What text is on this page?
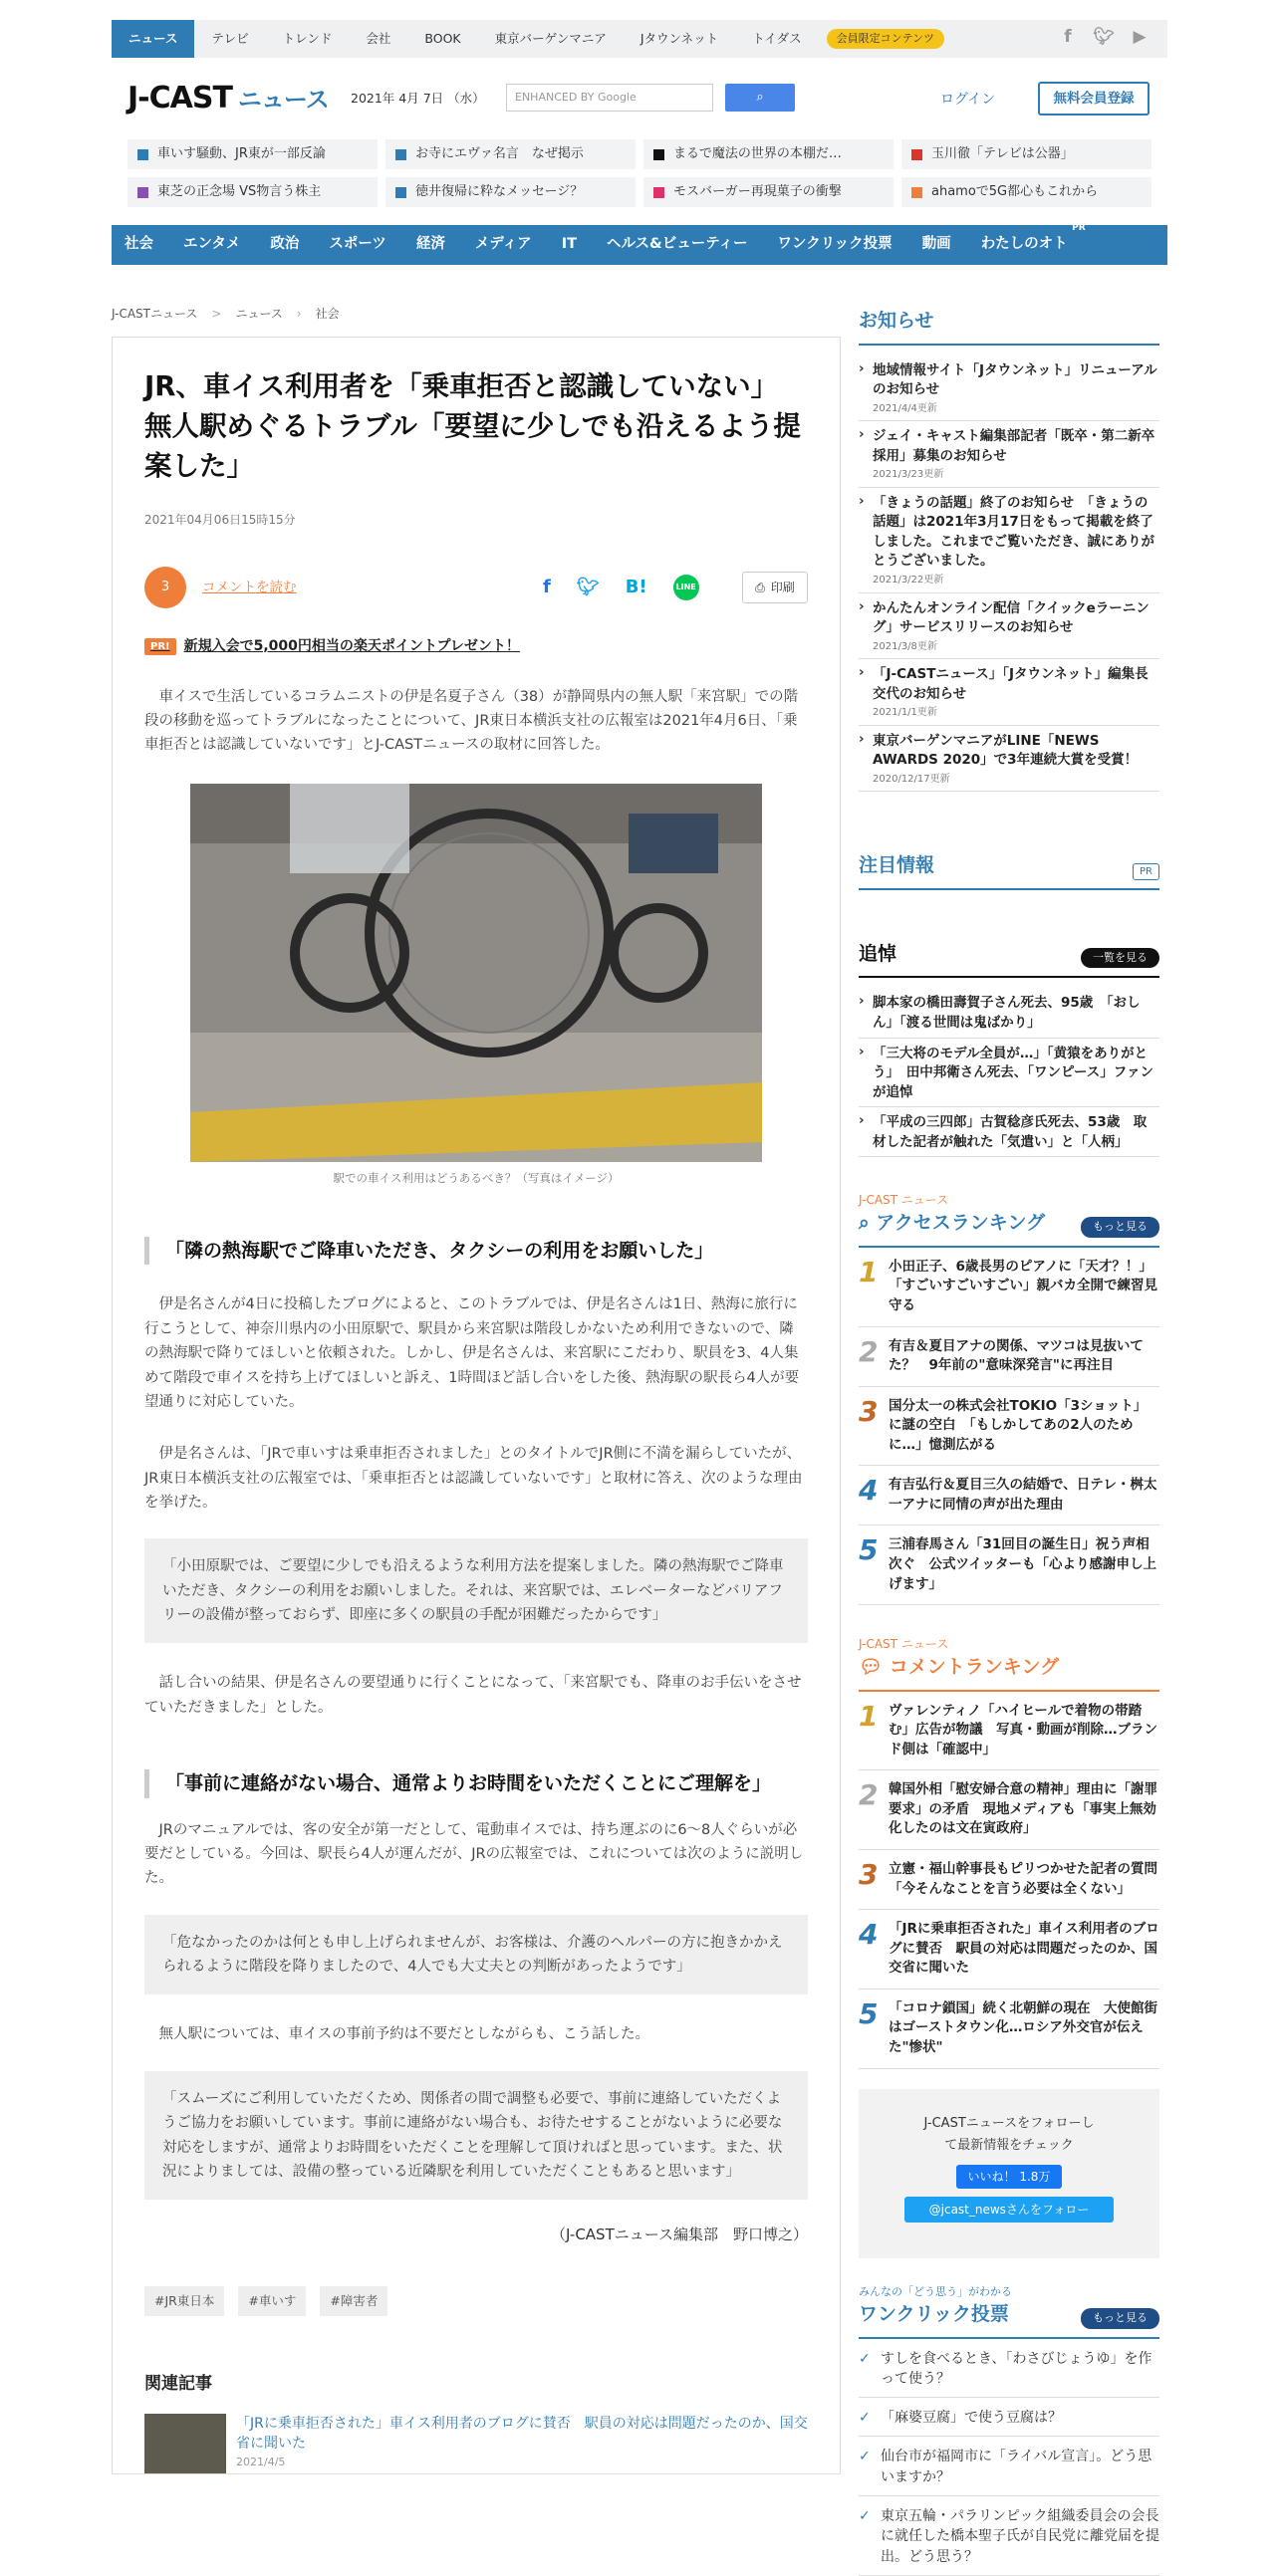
ニュース	テレビ	トレンド	会社	BOOK	東京バーゲンマニア	Jタウンネット	トイダス	会員限定コンテンツ	f	🐦︎ ▶
J-CAST ニュース 2021年 4月 7日 （水）	ENHANCED BY Google	⌕	ログイン	無料会員登録
車いす騒動、JR東が一部反論	お寺にエヴァ名言　なぜ掲示	まるで魔法の世界の本棚だ…	玉川徹「テレビは公器」
東芝の正念場 VS物言う株主	徳井復帰に粋なメッセージ？	モスバーガー再現菓子の衝撃	ahamoで5G都心もこれから
社会 エンタメ 政治 スポーツ 経済 メディア IT ヘルス&ビューティー ワンクリック投票 動画 わたしのオト
PR
J-CASTニュース > ニュース › 社会
JR、車イス利用者を「乗車拒否と認識していない」　無人駅めぐるトラブル「要望に少しでも沿えるよう提案した」
2021年04月06日15時15分
3	コメントを読む	f 🐦︎ B!	LINE	⎙ 印刷
PR!	新規入会で5,000円相当の楽天ポイントプレゼント！

車イスで生活しているコラムニストの伊是名夏子さん（38）が静岡県内の無人駅「来宮駅」での階段の移動を巡ってトラブルになったことについて、JR東日本横浜支社の広報室は2021年4月6日、「乗車拒否とは認識していないです」とJ-CASTニュースの取材に回答した。

駅での車イス利用はどうあるべき？（写真はイメージ）
「隣の熱海駅でご降車いただき、タクシーの利用をお願いした」

伊是名さんが4日に投稿したブログによると、このトラブルでは、伊是名さんは1日、熱海に旅行に行こうとして、神奈川県内の小田原駅で、駅員から来宮駅は階段しかないため利用できないので、隣の熱海駅で降りてほしいと依頼された。しかし、伊是名さんは、来宮駅にこだわり、駅員を3、4人集めて階段で車イスを持ち上げてほしいと訴え、1時間ほど話し合いをした後、熱海駅の駅長ら4人が要望通りに対応していた。

伊是名さんは、「JRで車いすは乗車拒否されました」とのタイトルでJR側に不満を漏らしていたが、JR東日本横浜支社の広報室では、「乗車拒否とは認識していないです」と取材に答え、次のような理由を挙げた。

「小田原駅では、ご要望に少しでも沿えるような利用方法を提案しました。隣の熱海駅でご降車いただき、タクシーの利用をお願いしました。それは、来宮駅では、エレベーターなどバリアフリーの設備が整っておらず、即座に多くの駅員の手配が困難だったからです」

話し合いの結果、伊是名さんの要望通りに行くことになって、「来宮駅でも、降車のお手伝いをさせていただきました」とした。

「事前に連絡がない場合、通常よりお時間をいただくことにご理解を」

JRのマニュアルでは、客の安全が第一だとして、電動車イスでは、持ち運ぶのに6～8人ぐらいが必要だとしている。今回は、駅長ら4人が運んだが、JRの広報室では、これについては次のように説明した。

「危なかったのかは何とも申し上げられませんが、お客様は、介護のヘルパーの方に抱きかかえられるように階段を降りましたので、4人でも大丈夫との判断があったようです」

無人駅については、車イスの事前予約は不要だとしながらも、こう話した。

「スムーズにご利用していただくため、関係者の間で調整も必要で、事前に連絡していただくようご協力をお願いしています。事前に連絡がない場合も、お待たせすることがないように必要な対応をしますが、通常よりお時間をいただくことを理解して頂ければと思っています。また、状況によりましては、設備の整っている近隣駅を利用していただくこともあると思います」
（J-CASTニュース編集部　野口博之）
#JR東日本	#車いす	#障害者
関連記事
「JRに乗車拒否された」車イス利用者のブログに賛否　駅員の対応は問題だったのか、国交省に聞いた
2021/4/5
お知らせ
› 地域情報サイト「Jタウンネット」リニューアルのお知らせ
2021/4/4更新
› ジェイ・キャスト編集部記者「既卒・第二新卒採用」募集のお知らせ
2021/3/23更新
› 「きょうの話題」終了のお知らせ　「きょうの話題」は2021年3月17日をもって掲載を終了しました。これまでご覧いただき、誠にありがとうございました。
2021/3/22更新
› かんたんオンライン配信「クイックeラーニング」サービスリリースのお知らせ
2021/3/8更新
› 「J-CASTニュース」「Jタウンネット」編集長交代のお知らせ
2021/1/1更新
› 東京バーゲンマニアがLINE「NEWS AWARDS 2020」で3年連続大賞を受賞！
2020/12/17更新
注目情報	PR
追悼	一覧を見る
› 脚本家の橋田壽賀子さん死去、95歳　「おしん」「渡る世間は鬼ばかり」
› 「三大将のモデル全員が…」「黄猿をありがとう」　田中邦衛さん死去、「ワンピース」ファンが追悼
› 「平成の三四郎」古賀稔彦氏死去、53歳　取材した記者が触れた「気遣い」と「人柄」
J-CAST ニュース
⌕ アクセスランキング	もっと見る
1 小田正子、6歳長男のピアノに「天才？！」「すごいすごいすごい」親バカ全開で練習見守る
2 有吉＆夏目アナの関係、マツコは見抜いてた？　9年前の"意味深発言"に再注目
3 国分太一の株式会社TOKIO「3ショット」に謎の空白　「もしかしてあの2人のために…」憶測広がる
4 有吉弘行＆夏目三久の結婚で、日テレ・桝太一アナに同情の声が出た理由
5 三浦春馬さん「31回目の誕生日」祝う声相次ぐ　公式ツイッターも「心より感謝申し上げます」
J-CAST ニュース
💬︎ コメントランキング
1 ヴァレンティノ「ハイヒールで着物の帯踏む」広告が物議　写真・動画が削除…ブランド側は「確認中」
2 韓国外相「慰安婦合意の精神」理由に「謝罪要求」の矛盾　現地メディアも「事実上無効化したのは文在寅政府」
3 立憲・福山幹事長もピリつかせた記者の質問　「今そんなことを言う必要は全くない」
4 「JRに乗車拒否された」車イス利用者のブログに賛否　駅員の対応は問題だったのか、国交省に聞いた
5 「コロナ鎖国」続く北朝鮮の現在　大使館街はゴーストタウン化…ロシア外交官が伝えた"惨状"
J-CASTニュースをフォローして最新情報をチェック
いいね！ 1.8万
@jcast_newsさんをフォロー
みんなの「どう思う」がわかる
ワンクリック投票	もっと見る
✓ すしを食べるとき、「わさびじょうゆ」を作って使う？
✓ 「麻婆豆腐」で使う豆腐は？
✓ 仙台市が福岡市に「ライバル宣言」。どう思いますか？
✓ 東京五輪・パラリンピック組織委員会の会長に就任した橋本聖子氏が自民党に離党届を提出。どう思う？
